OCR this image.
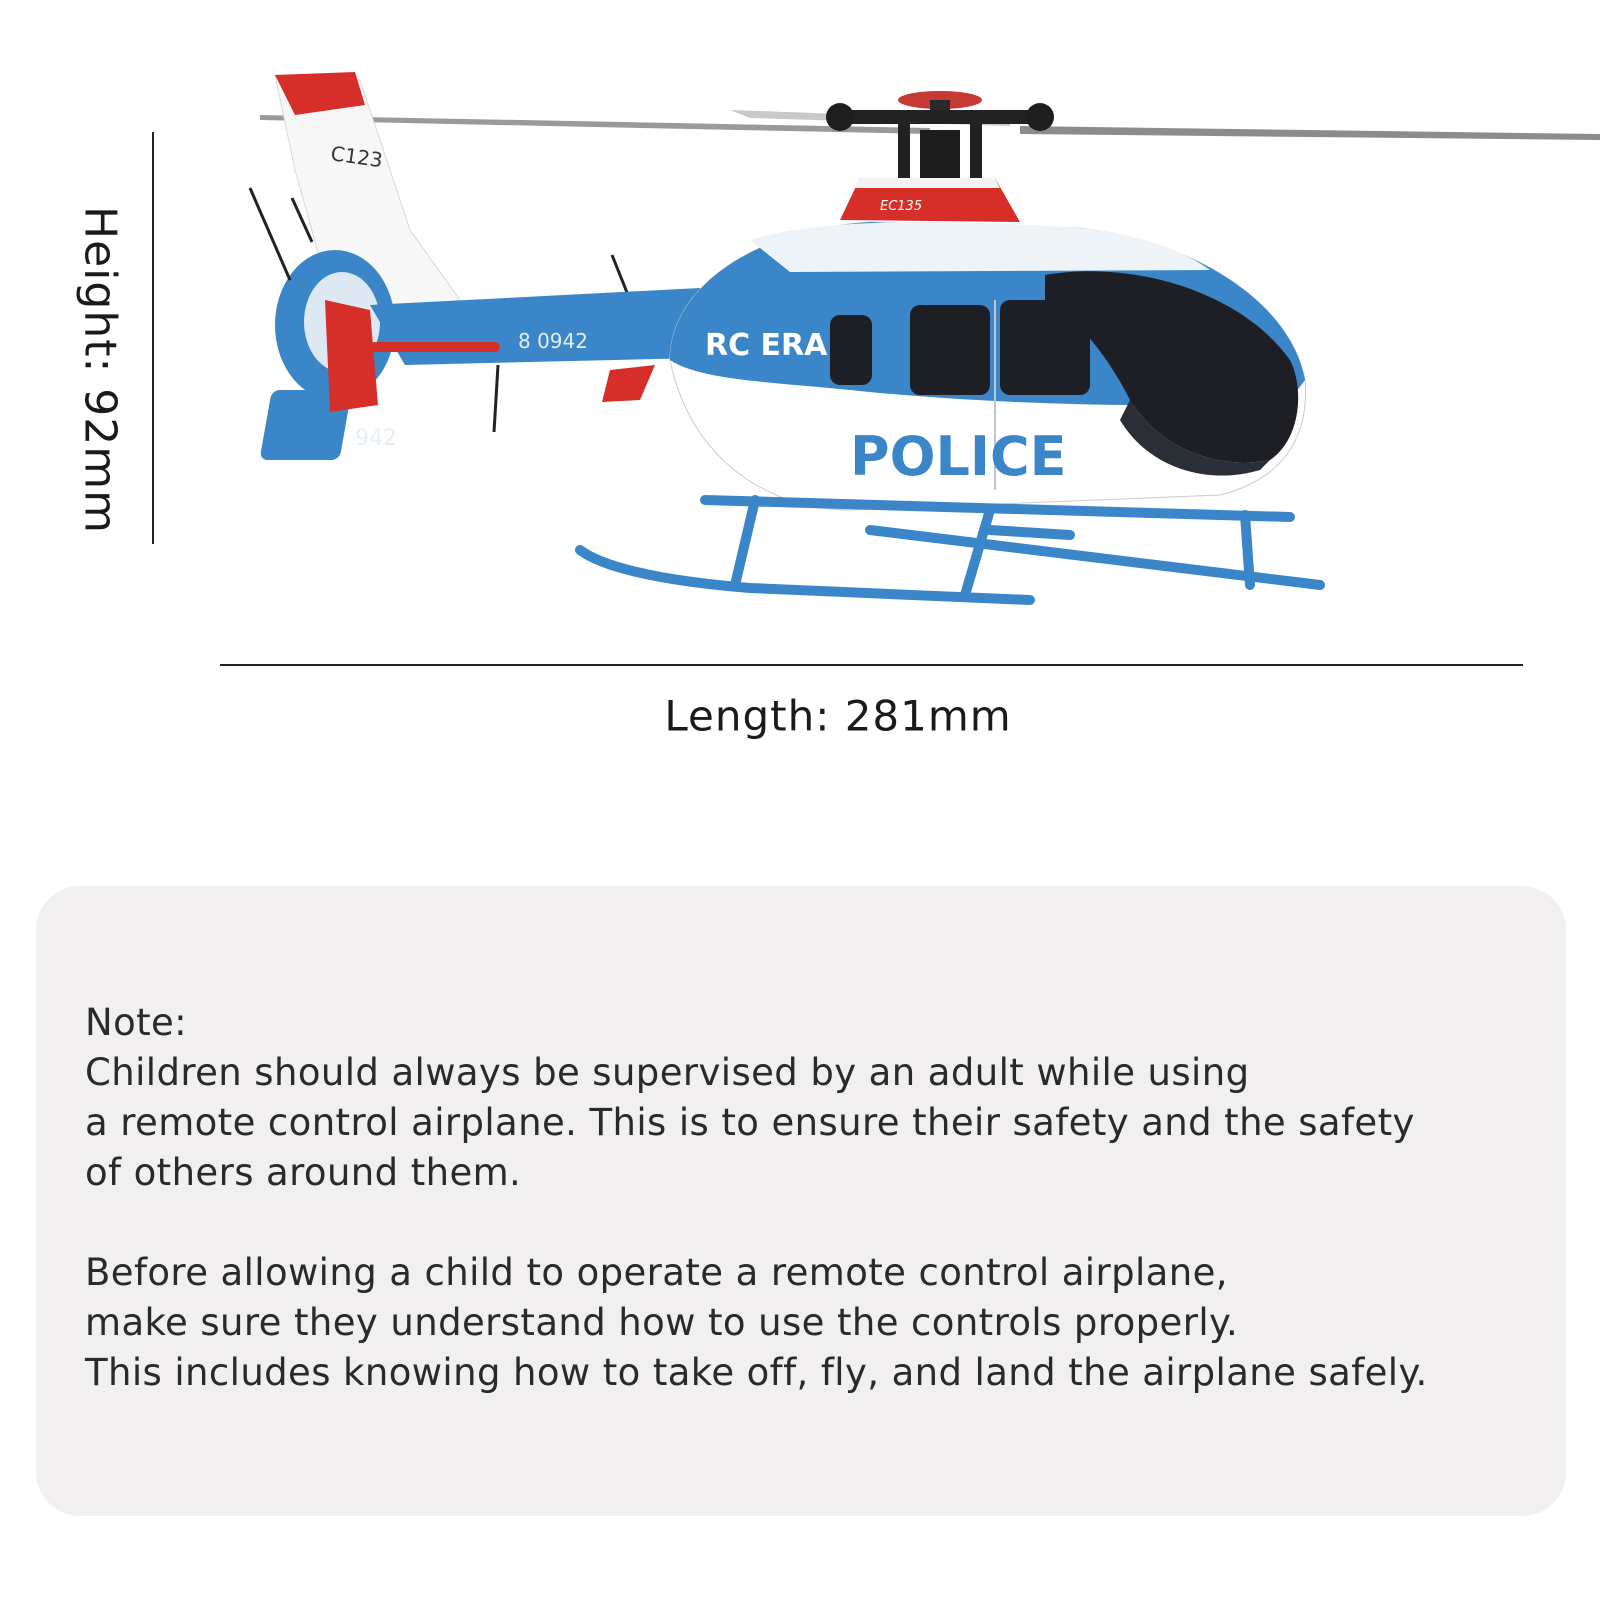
Height: 92mm
Length: 281mm
EC135
C123
942
8 0942	RC ERA
POLICE
Note:
Children should always be supervised by an adult while using
a remote control airplane. This is to ensure their safety and the safety
of others around them.
Before allowing a child to operate a remote control airplane,
make sure they understand how to use the controls properly.
This includes knowing how to take off, fly, and land the airplane safely.
